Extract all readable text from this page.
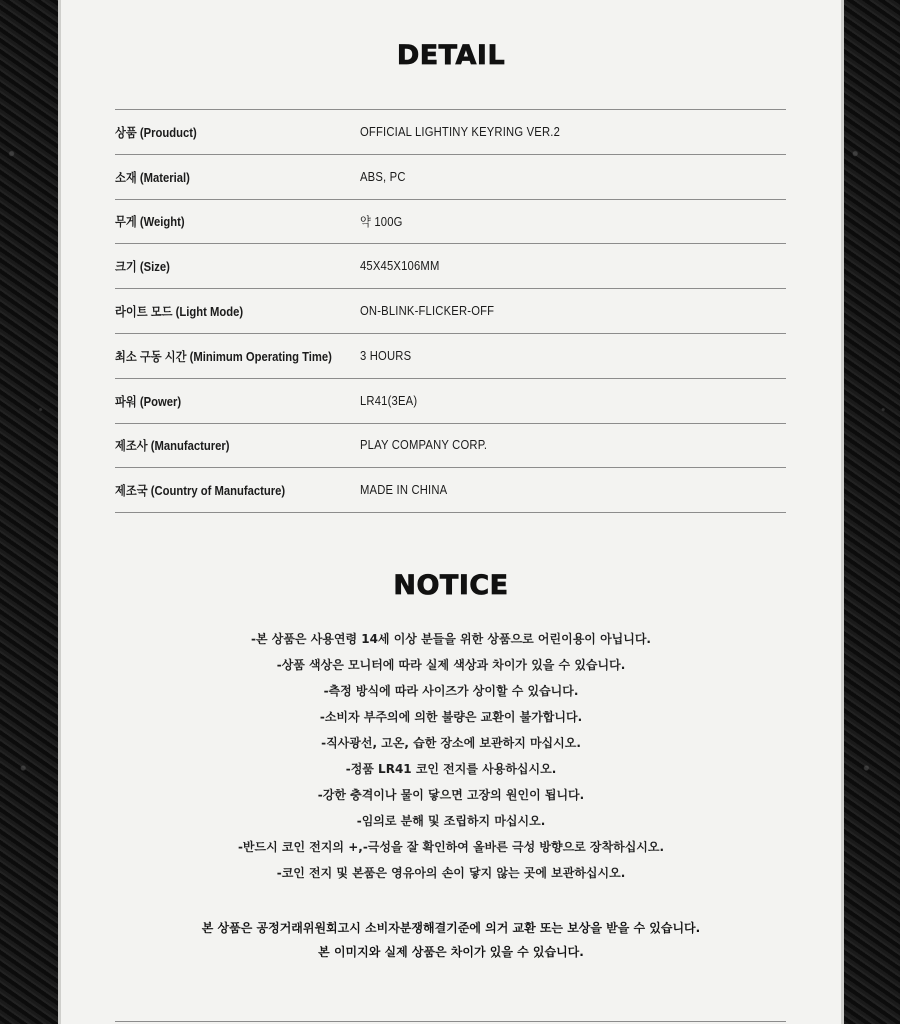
DETAIL
상품 (Prouduct)	OFFICIAL LIGHTINY KEYRING VER.2
소재 (Material)	ABS, PC
무게 (Weight)	약 100G
크기 (Size)	45X45X106MM
라이트 모드 (Light Mode)	ON-BLINK-FLICKER-OFF
최소 구동 시간 (Minimum Operating Time)	3 HOURS
파워 (Power)	LR41(3EA)
제조사 (Manufacturer)	PLAY COMPANY CORP.
제조국 (Country of Manufacture)	MADE IN CHINA
NOTICE
-본 상품은 사용연령 14세 이상 분들을 위한 상품으로 어린이용이 아닙니다.
-상품 색상은 모니터에 따라 실제 색상과 차이가 있을 수 있습니다.
-측정 방식에 따라 사이즈가 상이할 수 있습니다.
-소비자 부주의에 의한 불량은 교환이 불가합니다.
-직사광선, 고온, 습한 장소에 보관하지 마십시오.
-정품 LR41 코인 전지를 사용하십시오.
-강한 충격이나 물이 닿으면 고장의 원인이 됩니다.
-임의로 분해 및 조립하지 마십시오.
-반드시 코인 전지의 +,-극성을 잘 확인하여 올바른 극성 방향으로 장착하십시오.
-코인 전지 및 본품은 영유아의 손이 닿지 않는 곳에 보관하십시오.
본 상품은 공정거래위원회고시 소비자분쟁해결기준에 의거 교환 또는 보상을 받을 수 있습니다.
본 이미지와 실제 상품은 차이가 있을 수 있습니다.
